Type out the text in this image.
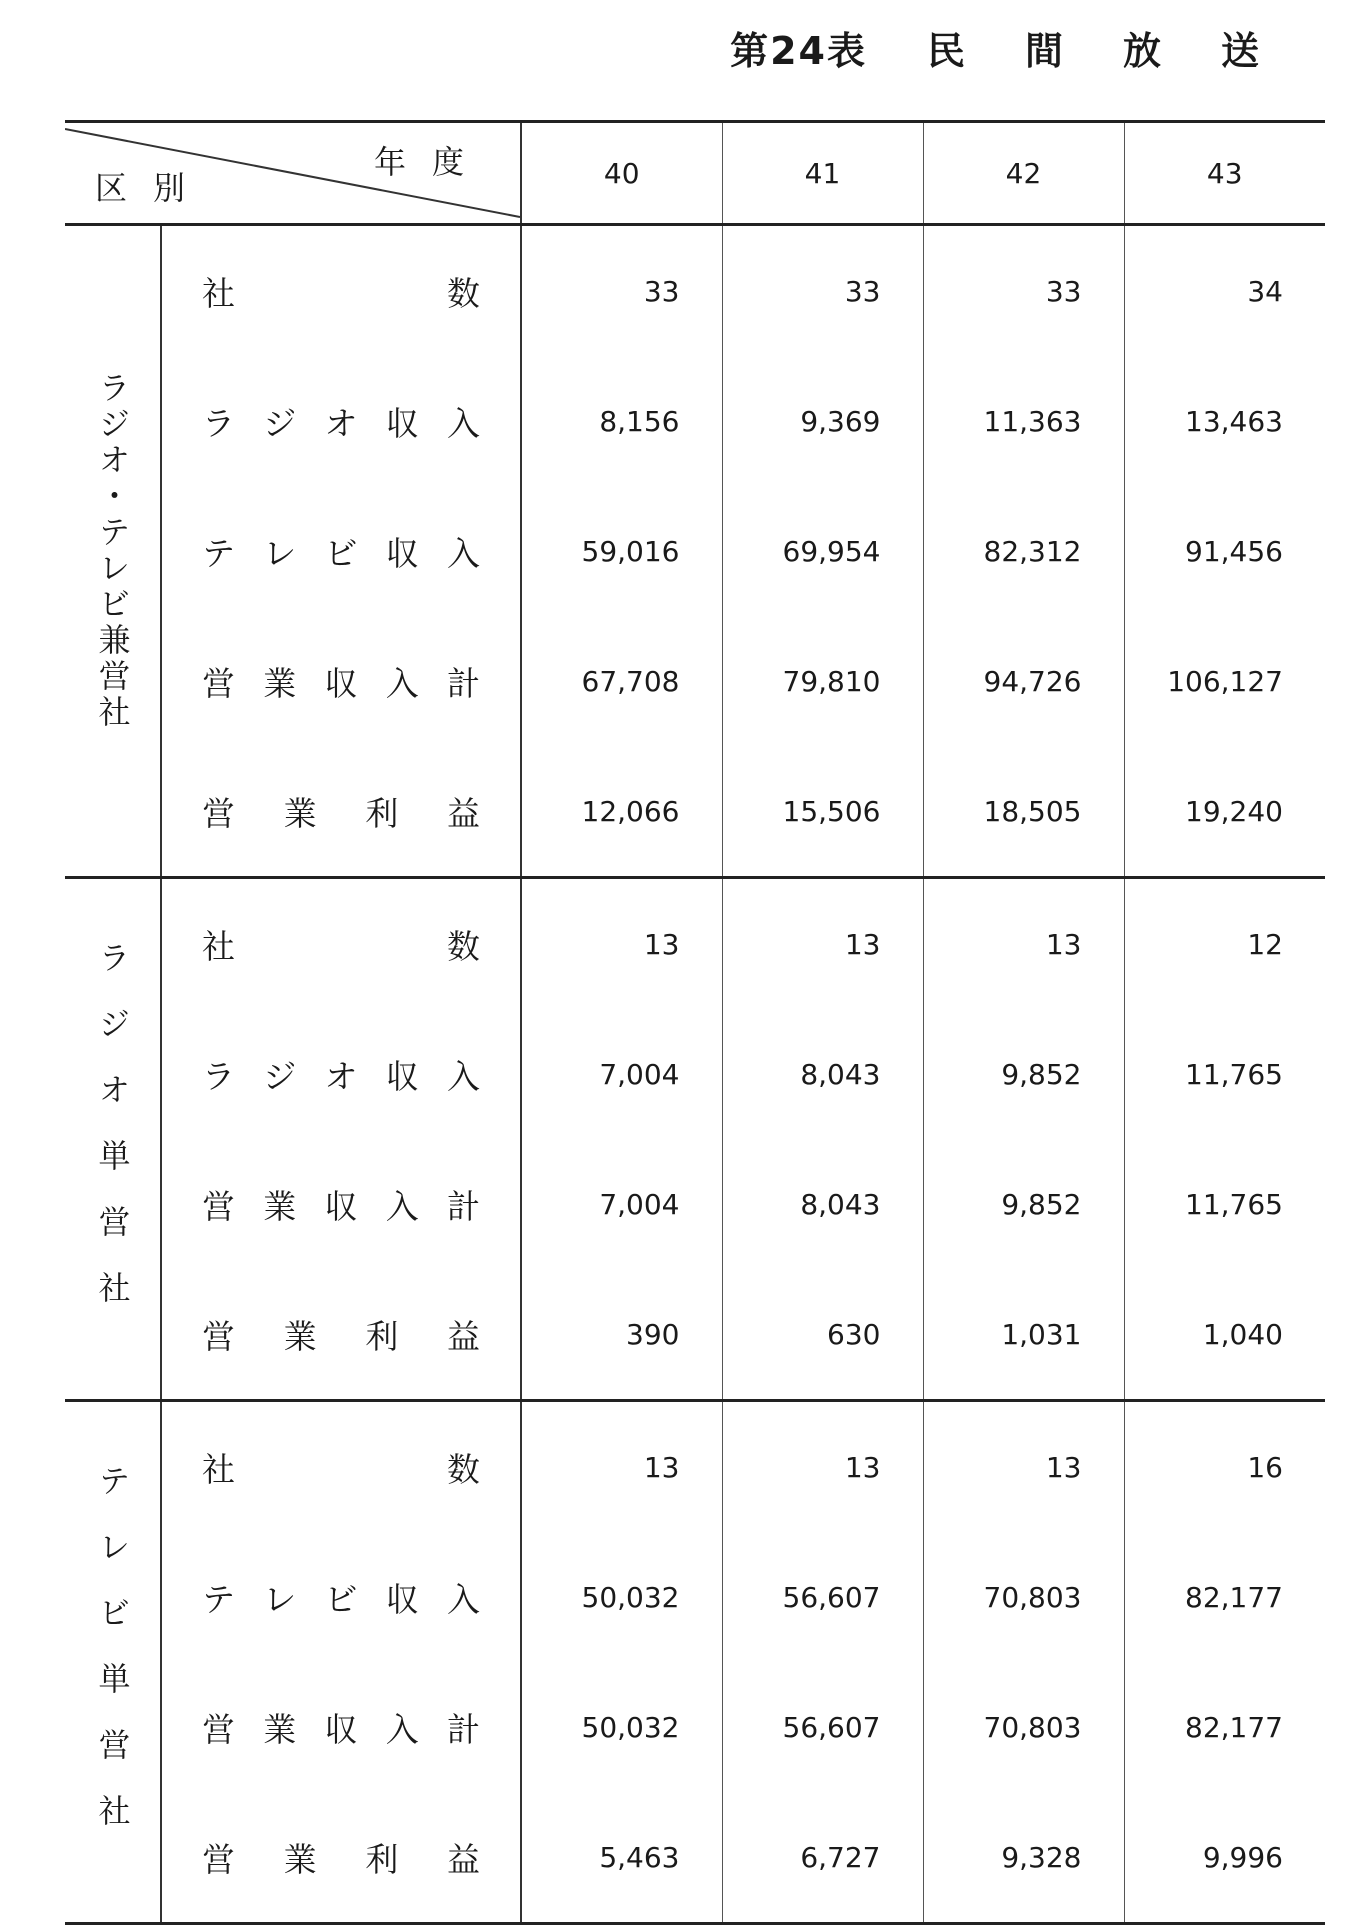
第24表 民間放送
年度
区別		40	41	42	43
ラジオ・テレビ兼営社	社 数	33	33	33	34

	ラ ジ オ 収 入	8,156	9,369	11,363	13,463

	テ レ ビ 収 入	59,016	69,954	82,312	91,456

	営 業 収 入 計	67,708	79,810	94,726	106,127

	営 業 利 益	12,066	15,506	18,505	19,240
ラジオ単営社	社 数	13	13	13	12

	ラ ジ オ 収 入	7,004	8,043	9,852	11,765

	営 業 収 入 計	7,004	8,043	9,852	11,765

	営 業 利 益	390	630	1,031	1,040
テレビ単営社	社 数	13	13	13	16

	テ レ ビ 収 入	50,032	56,607	70,803	82,177

	営 業 収 入 計	50,032	56,607	70,803	82,177

	営 業 利 益	5,463	6,727	9,328	9,996
